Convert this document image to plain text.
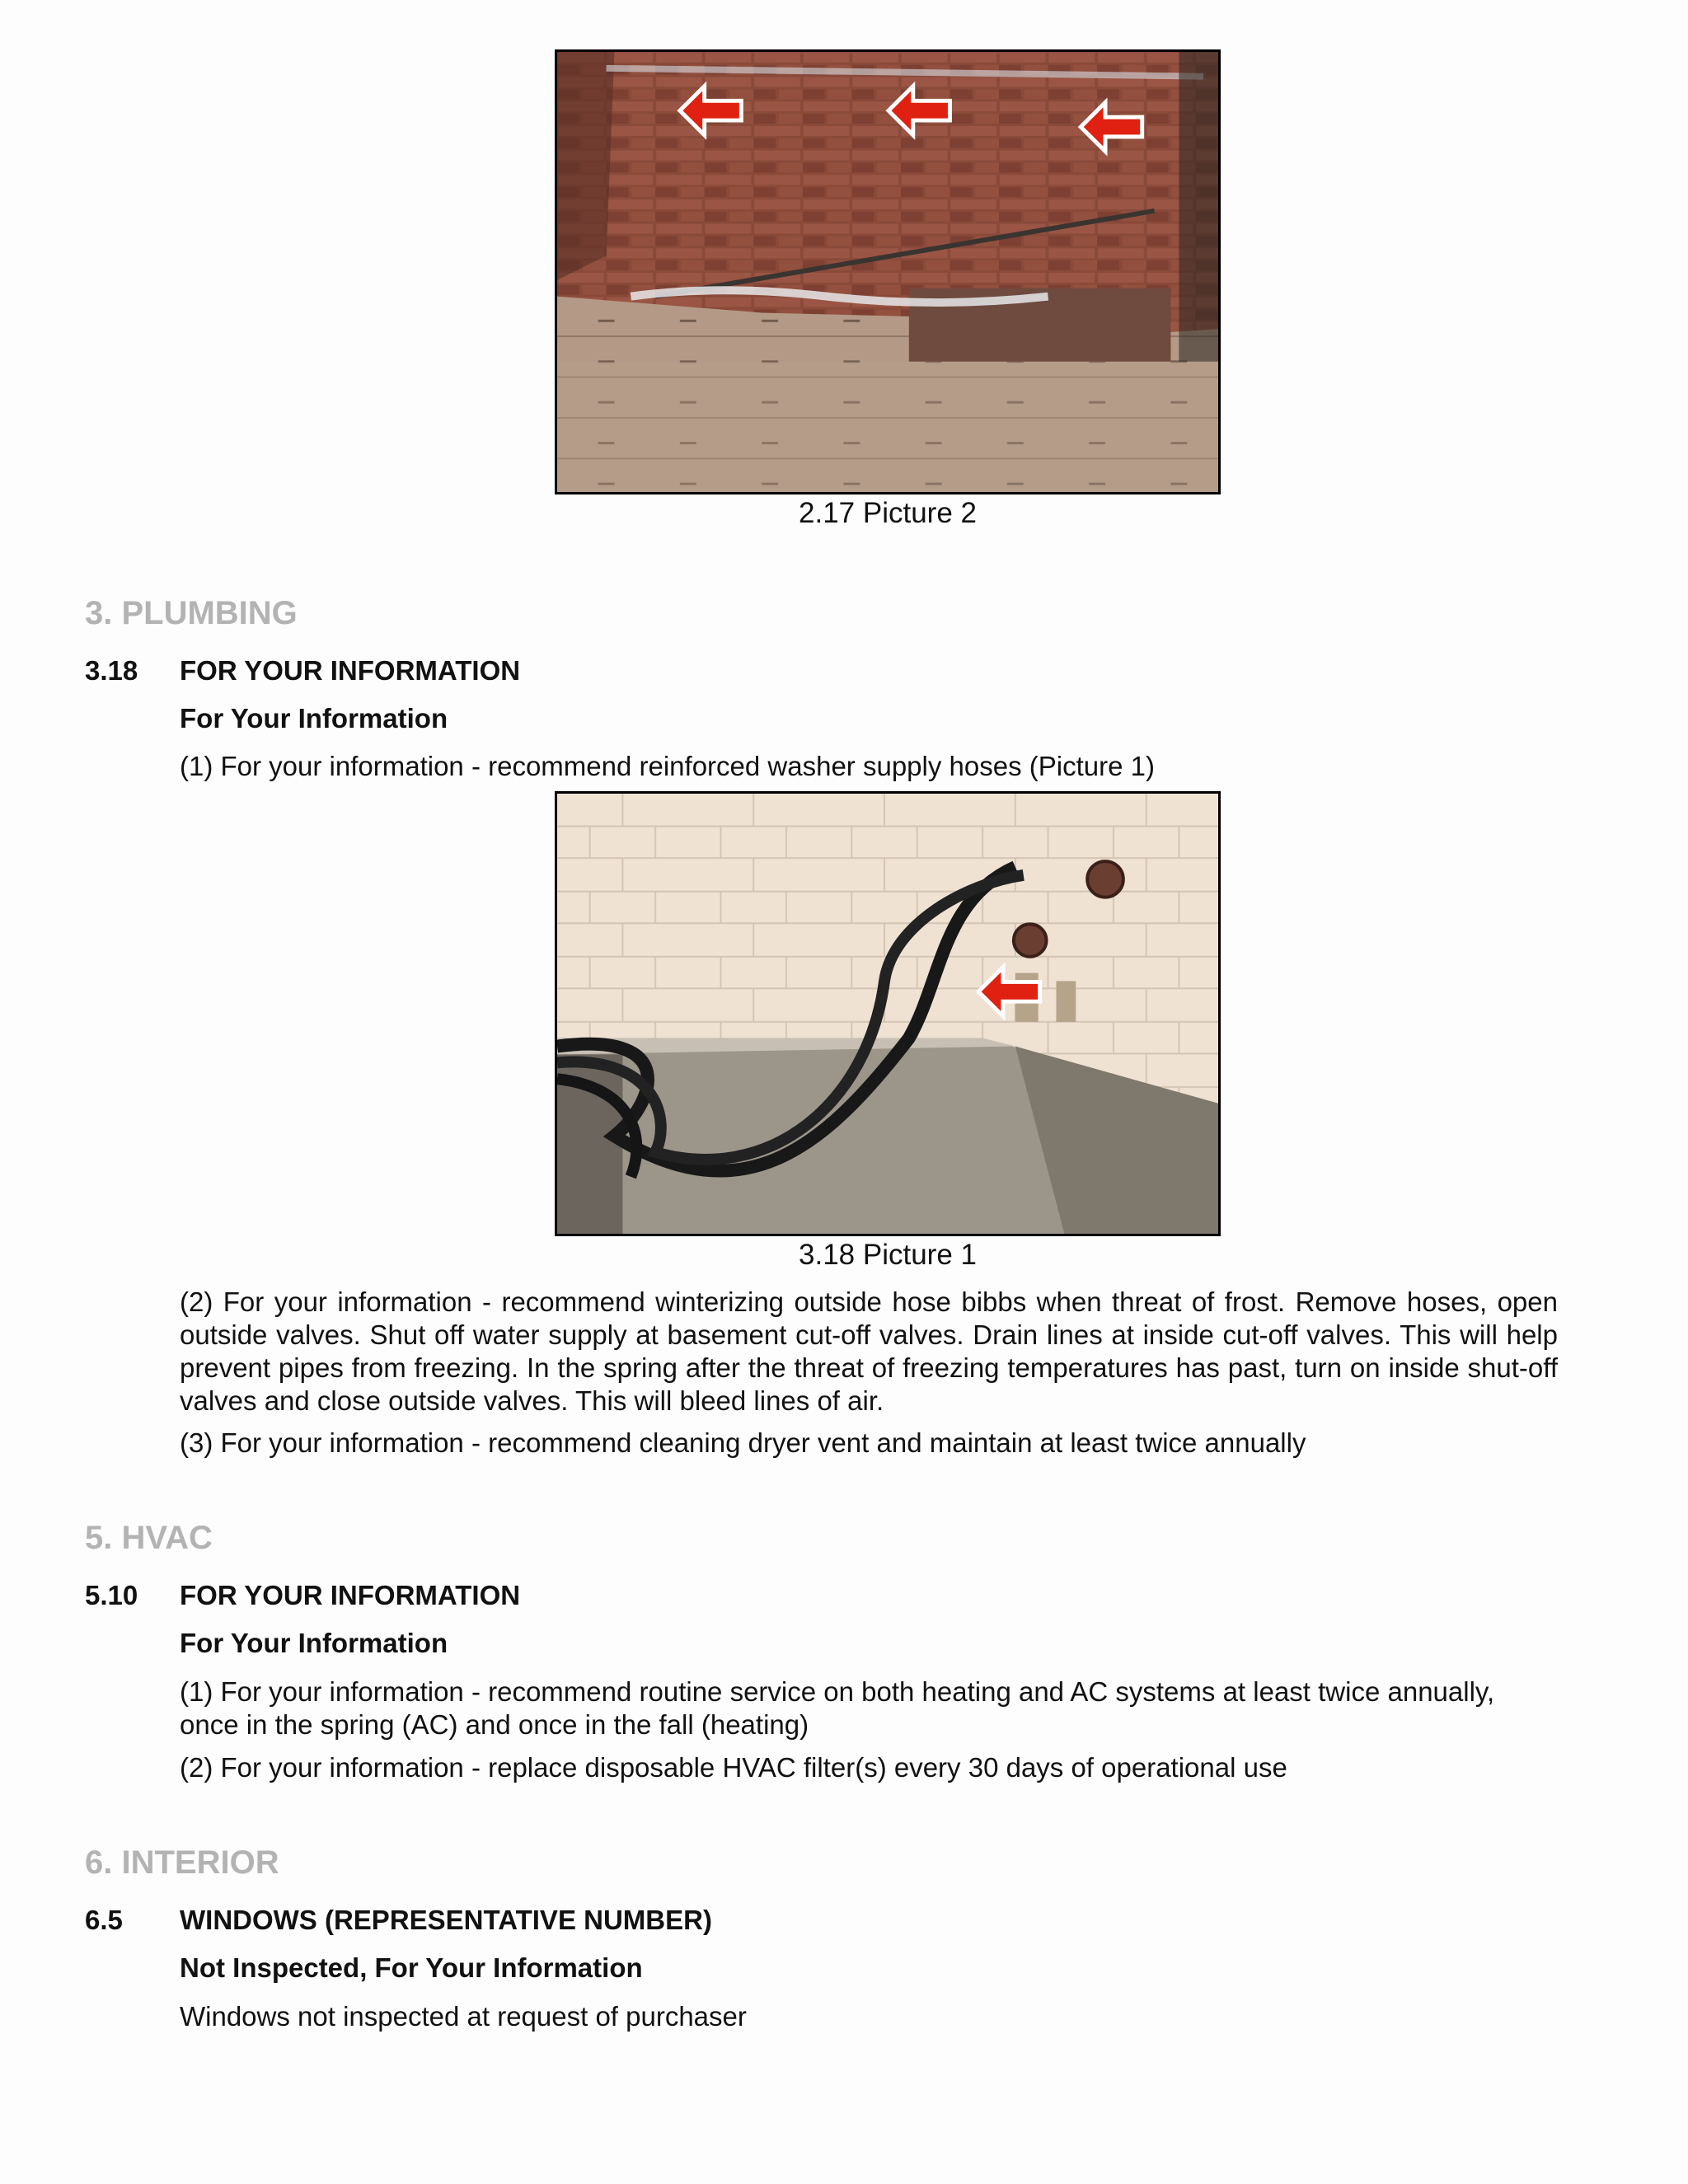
2.17 Picture 2
3. PLUMBING
3.18 FOR YOUR INFORMATION
For Your Information
(1) For your information - recommend reinforced washer supply hoses (Picture 1)
3.18 Picture 1
(2) For your information - recommend winterizing outside hose bibbs when threat of frost. Remove hoses, open outside valves. Shut off water supply at basement cut-off valves. Drain lines at inside cut-off valves. This will help prevent pipes from freezing. In the spring after the threat of freezing temperatures has past, turn on inside shut-off valves and close outside valves. This will bleed lines of air.
(3) For your information - recommend cleaning dryer vent and maintain at least twice annually
5. HVAC
5.10 FOR YOUR INFORMATION
For Your Information
(1) For your information - recommend routine service on both heating and AC systems at least twice annually, once in the spring (AC) and once in the fall (heating)
(2) For your information - replace disposable HVAC filter(s) every 30 days of operational use
6. INTERIOR
6.5 WINDOWS (REPRESENTATIVE NUMBER)
Not Inspected, For Your Information
Windows not inspected at request of purchaser
